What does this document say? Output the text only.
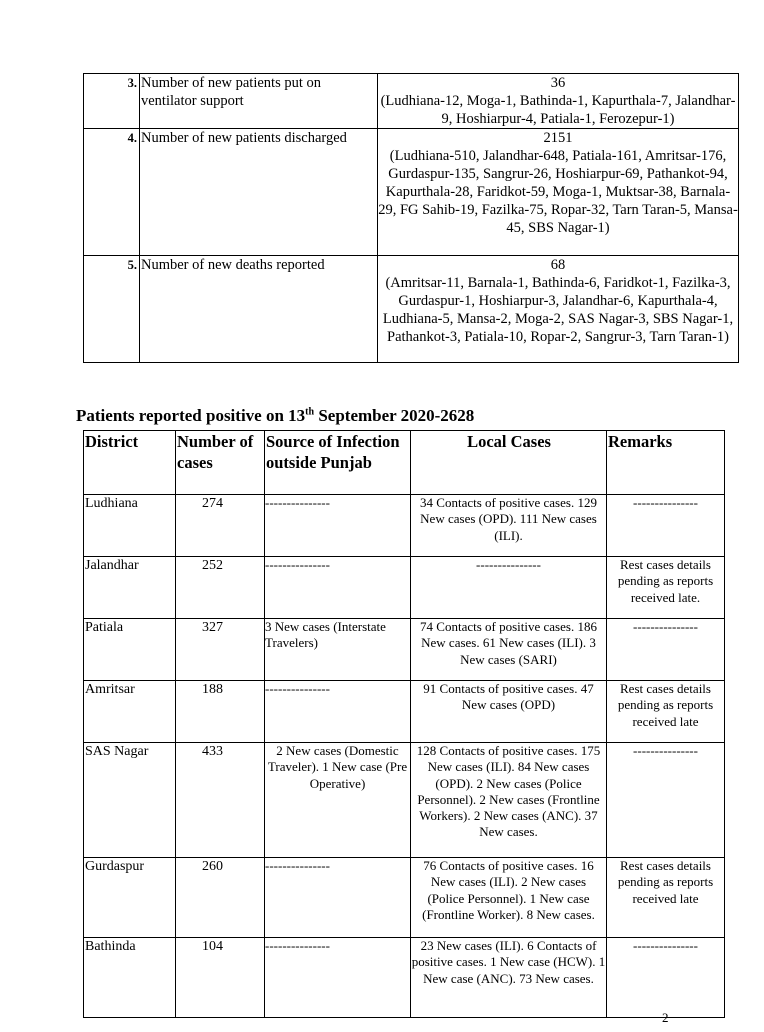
3.	Number of new patients put on ventilator support	36
(Ludhiana-12, Moga-1, Bathinda-1, Kapurthala-7, Jalandhar-9, Hoshiarpur-4, Patiala-1, Ferozepur-1)

4.	Number of new patients discharged	2151
(Ludhiana-510, Jalandhar-648, Patiala-161, Amritsar-176, Gurdaspur-135, Sangrur-26, Hoshiarpur-69, Pathankot-94, Kapurthala-28, Faridkot-59, Moga-1, Muktsar-38, Barnala-29, FG Sahib-19, Fazilka-75, Ropar-32, Tarn Taran-5, Mansa-45, SBS Nagar-1)

5.	Number of new deaths reported	68
(Amritsar-11, Barnala-1, Bathinda-6, Faridkot-1, Fazilka-3, Gurdaspur-1, Hoshiarpur-3, Jalandhar-6, Kapurthala-4, Ludhiana-5, Mansa-2, Moga-2, SAS Nagar-3, SBS Nagar-1, Pathankot-3, Patiala-10, Ropar-2, Sangrur-3, Tarn Taran-1)
Patients reported positive on 13th September 2020-2628
District	Number of cases	Source of Infection outside Punjab	Local Cases	Remarks
Ludhiana	274	---------------	34 Contacts of positive cases. 129 New cases (OPD). 111 New cases (ILI).	---------------
Jalandhar	252	---------------	---------------	Rest cases details pending as reports received late.
Patiala	327	3 New cases (Interstate Travelers)	74 Contacts of positive cases. 186 New cases. 61 New cases (ILI). 3 New cases (SARI)	---------------
Amritsar	188	---------------	91 Contacts of positive cases. 47 New cases (OPD)	Rest cases details pending as reports received late
SAS Nagar	433	2 New cases (Domestic Traveler). 1 New case (Pre Operative)	128 Contacts of positive cases. 175 New cases (ILI). 84 New cases (OPD). 2 New cases (Police Personnel). 2 New cases (Frontline Workers). 2 New cases (ANC). 37 New cases.	---------------
Gurdaspur	260	---------------	76 Contacts of positive cases. 16 New cases (ILI). 2 New cases (Police Personnel). 1 New case (Frontline Worker). 8 New cases.	Rest cases details pending as reports received late
Bathinda	104	---------------	23 New cases (ILI). 6 Contacts of positive cases. 1 New case (HCW). 1 New case (ANC). 73 New cases.	---------------
2
